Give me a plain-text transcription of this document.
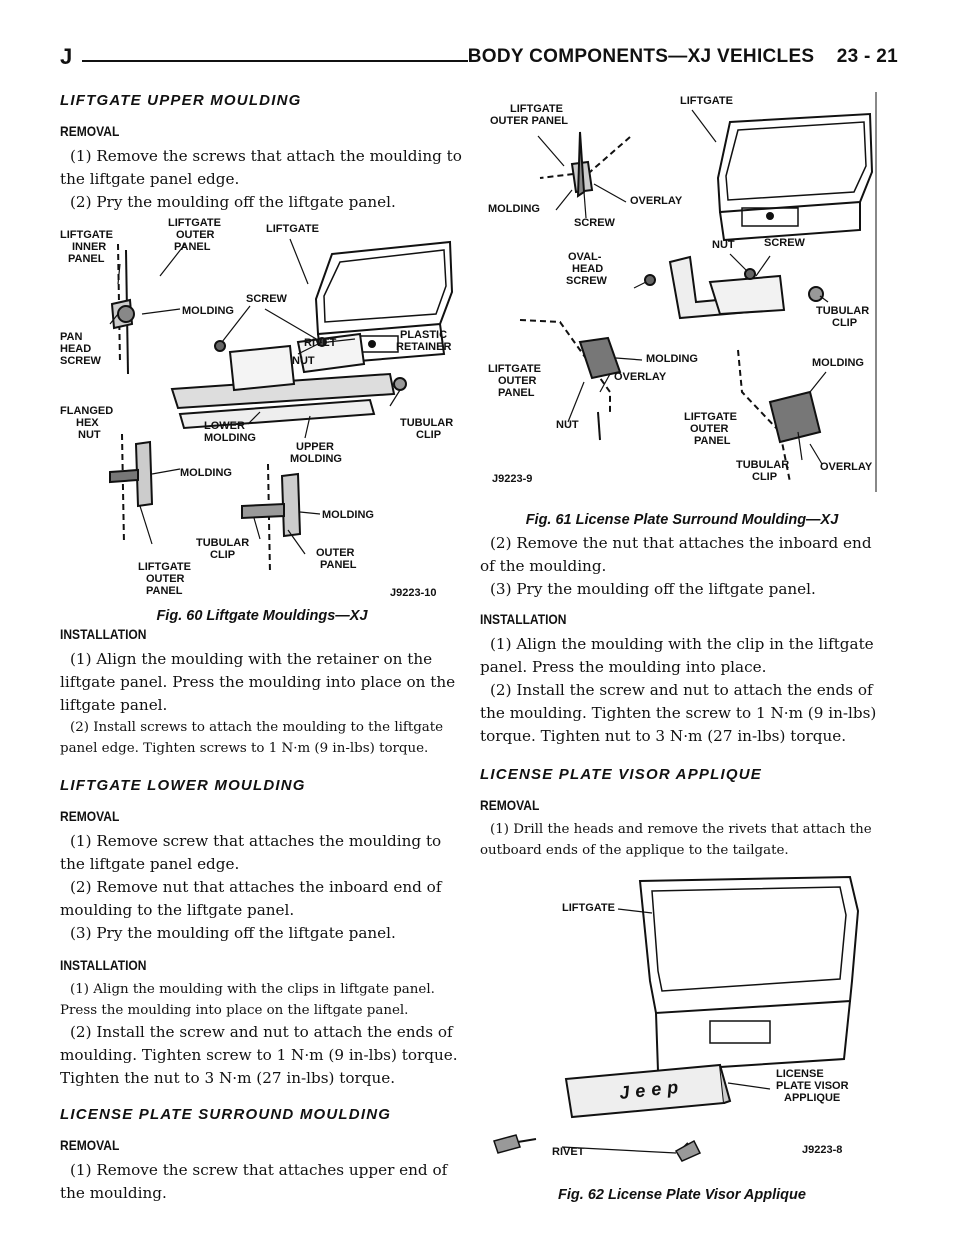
J	BODY COMPONENTS—XJ VEHICLES 23 - 21
LIFTGATE UPPER MOULDING
REMOVAL

(1) Remove the screws that attach the moulding to the liftgate panel edge.

(2) Pry the moulding off the liftgate panel.

LIFTGATE
INNER
PANEL
LIFTGATE
OUTER
PANEL
LIFTGATE
MOLDING
PAN
HEAD
SCREW
SCREW
RIVET
NUT
PLASTIC
RETAINER
FLANGED
HEX
NUT
LOWER
MOLDING
TUBULAR
CLIP
UPPER
MOLDING
MOLDING
MOLDING
TUBULAR
CLIP	OUTER
PANEL
LIFTGATE
OUTER
PANEL	J9223-10
Fig. 60 Liftgate Mouldings—XJ
INSTALLATION

(1) Align the moulding with the retainer on the liftgate panel. Press the moulding into place on the liftgate panel.

(2) Install screws to attach the moulding to the liftgate panel edge. Tighten screws to 1 N·m (9 in-lbs) torque.

LIFTGATE LOWER MOULDING
REMOVAL

(1) Remove screw that attaches the moulding to the liftgate panel edge.

(2) Remove nut that attaches the inboard end of moulding to the liftgate panel.

(3) Pry the moulding off the liftgate panel.

INSTALLATION

(1) Align the moulding with the clips in liftgate panel. Press the moulding into place on the liftgate panel.

(2) Install the screw and nut to attach the ends of moulding. Tighten screw to 1 N·m (9 in-lbs) torque. Tighten the nut to 3 N·m (27 in-lbs) torque.

LICENSE PLATE SURROUND MOULDING
REMOVAL

(1) Remove the screw that attaches upper end of the moulding.

LIFTGATE
OUTER PANEL
LIFTGATE
MOLDING
SCREW
OVERLAY
OVAL-
HEAD
SCREW
NUT	SCREW
TUBULAR
CLIP
MOLDING
LIFTGATE
OUTER
PANEL
OVERLAY
NUT
MOLDING
LIFTGATE
OUTER
PANEL
TUBULAR
CLIP
OVERLAY
J9223-9
Fig. 61 License Plate Surround Moulding—XJ

(2) Remove the nut that attaches the inboard end of the moulding.

(3) Pry the moulding off the liftgate panel.

INSTALLATION

(1) Align the moulding with the clip in the liftgate panel. Press the moulding into place.

(2) Install the screw and nut to attach the ends of the moulding. Tighten the screw to 1 N·m (9 in-lbs) torque. Tighten nut to 3 N·m (27 in-lbs) torque.

LICENSE PLATE VISOR APPLIQUE
REMOVAL

(1) Drill the heads and remove the rivets that attach the outboard ends of the applique to the tailgate.

Jeep
LIFTGATE
LICENSE
PLATE VISOR
APPLIQUE
RIVET	J9223-8
Fig. 62 License Plate Visor Applique
